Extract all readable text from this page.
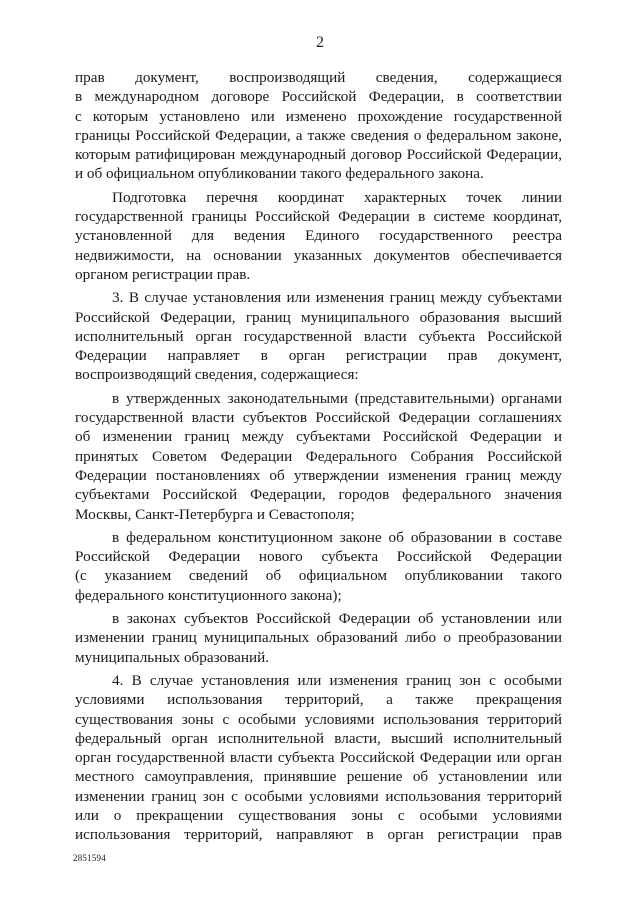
2
прав документ, воспроизводящий сведения, содержащиеся
в международном договоре Российской Федерации, в соответствии
с которым установлено или изменено прохождение государственной
границы Российской Федерации, а также сведения о федеральном законе,
которым ратифицирован международный договор Российской Федерации,
и об официальном опубликовании такого федерального закона.
Подготовка перечня координат характерных точек линии
государственной границы Российской Федерации в системе координат,
установленной для ведения Единого государственного реестра
недвижимости, на основании указанных документов обеспечивается
органом регистрации прав.
3. В случае установления или изменения границ между субъектами
Российской Федерации, границ муниципального образования высший
исполнительный орган государственной власти субъекта Российской
Федерации направляет в орган регистрации прав документ,
воспроизводящий сведения, содержащиеся:
в утвержденных законодательными (представительными) органами
государственной власти субъектов Российской Федерации соглашениях
об изменении границ между субъектами Российской Федерации и
принятых Советом Федерации Федерального Собрания Российской
Федерации постановлениях об утверждении изменения границ между
субъектами Российской Федерации, городов федерального значения
Москвы, Санкт-Петербурга и Севастополя;
в федеральном конституционном законе об образовании в составе
Российской Федерации нового субъекта Российской Федерации
(с указанием сведений об официальном опубликовании такого
федерального конституционного закона);
в законах субъектов Российской Федерации об установлении или
изменении границ муниципальных образований либо о преобразовании
муниципальных образований.
4. В случае установления или изменения границ зон с особыми
условиями использования территорий, а также прекращения
существования зоны с особыми условиями использования территорий
федеральный орган исполнительной власти, высший исполнительный
орган государственной власти субъекта Российской Федерации или орган
местного самоуправления, принявшие решение об установлении или
изменении границ зон с особыми условиями использования территорий
или о прекращении существования зоны с особыми условиями
использования территорий, направляют в орган регистрации прав
2851594
